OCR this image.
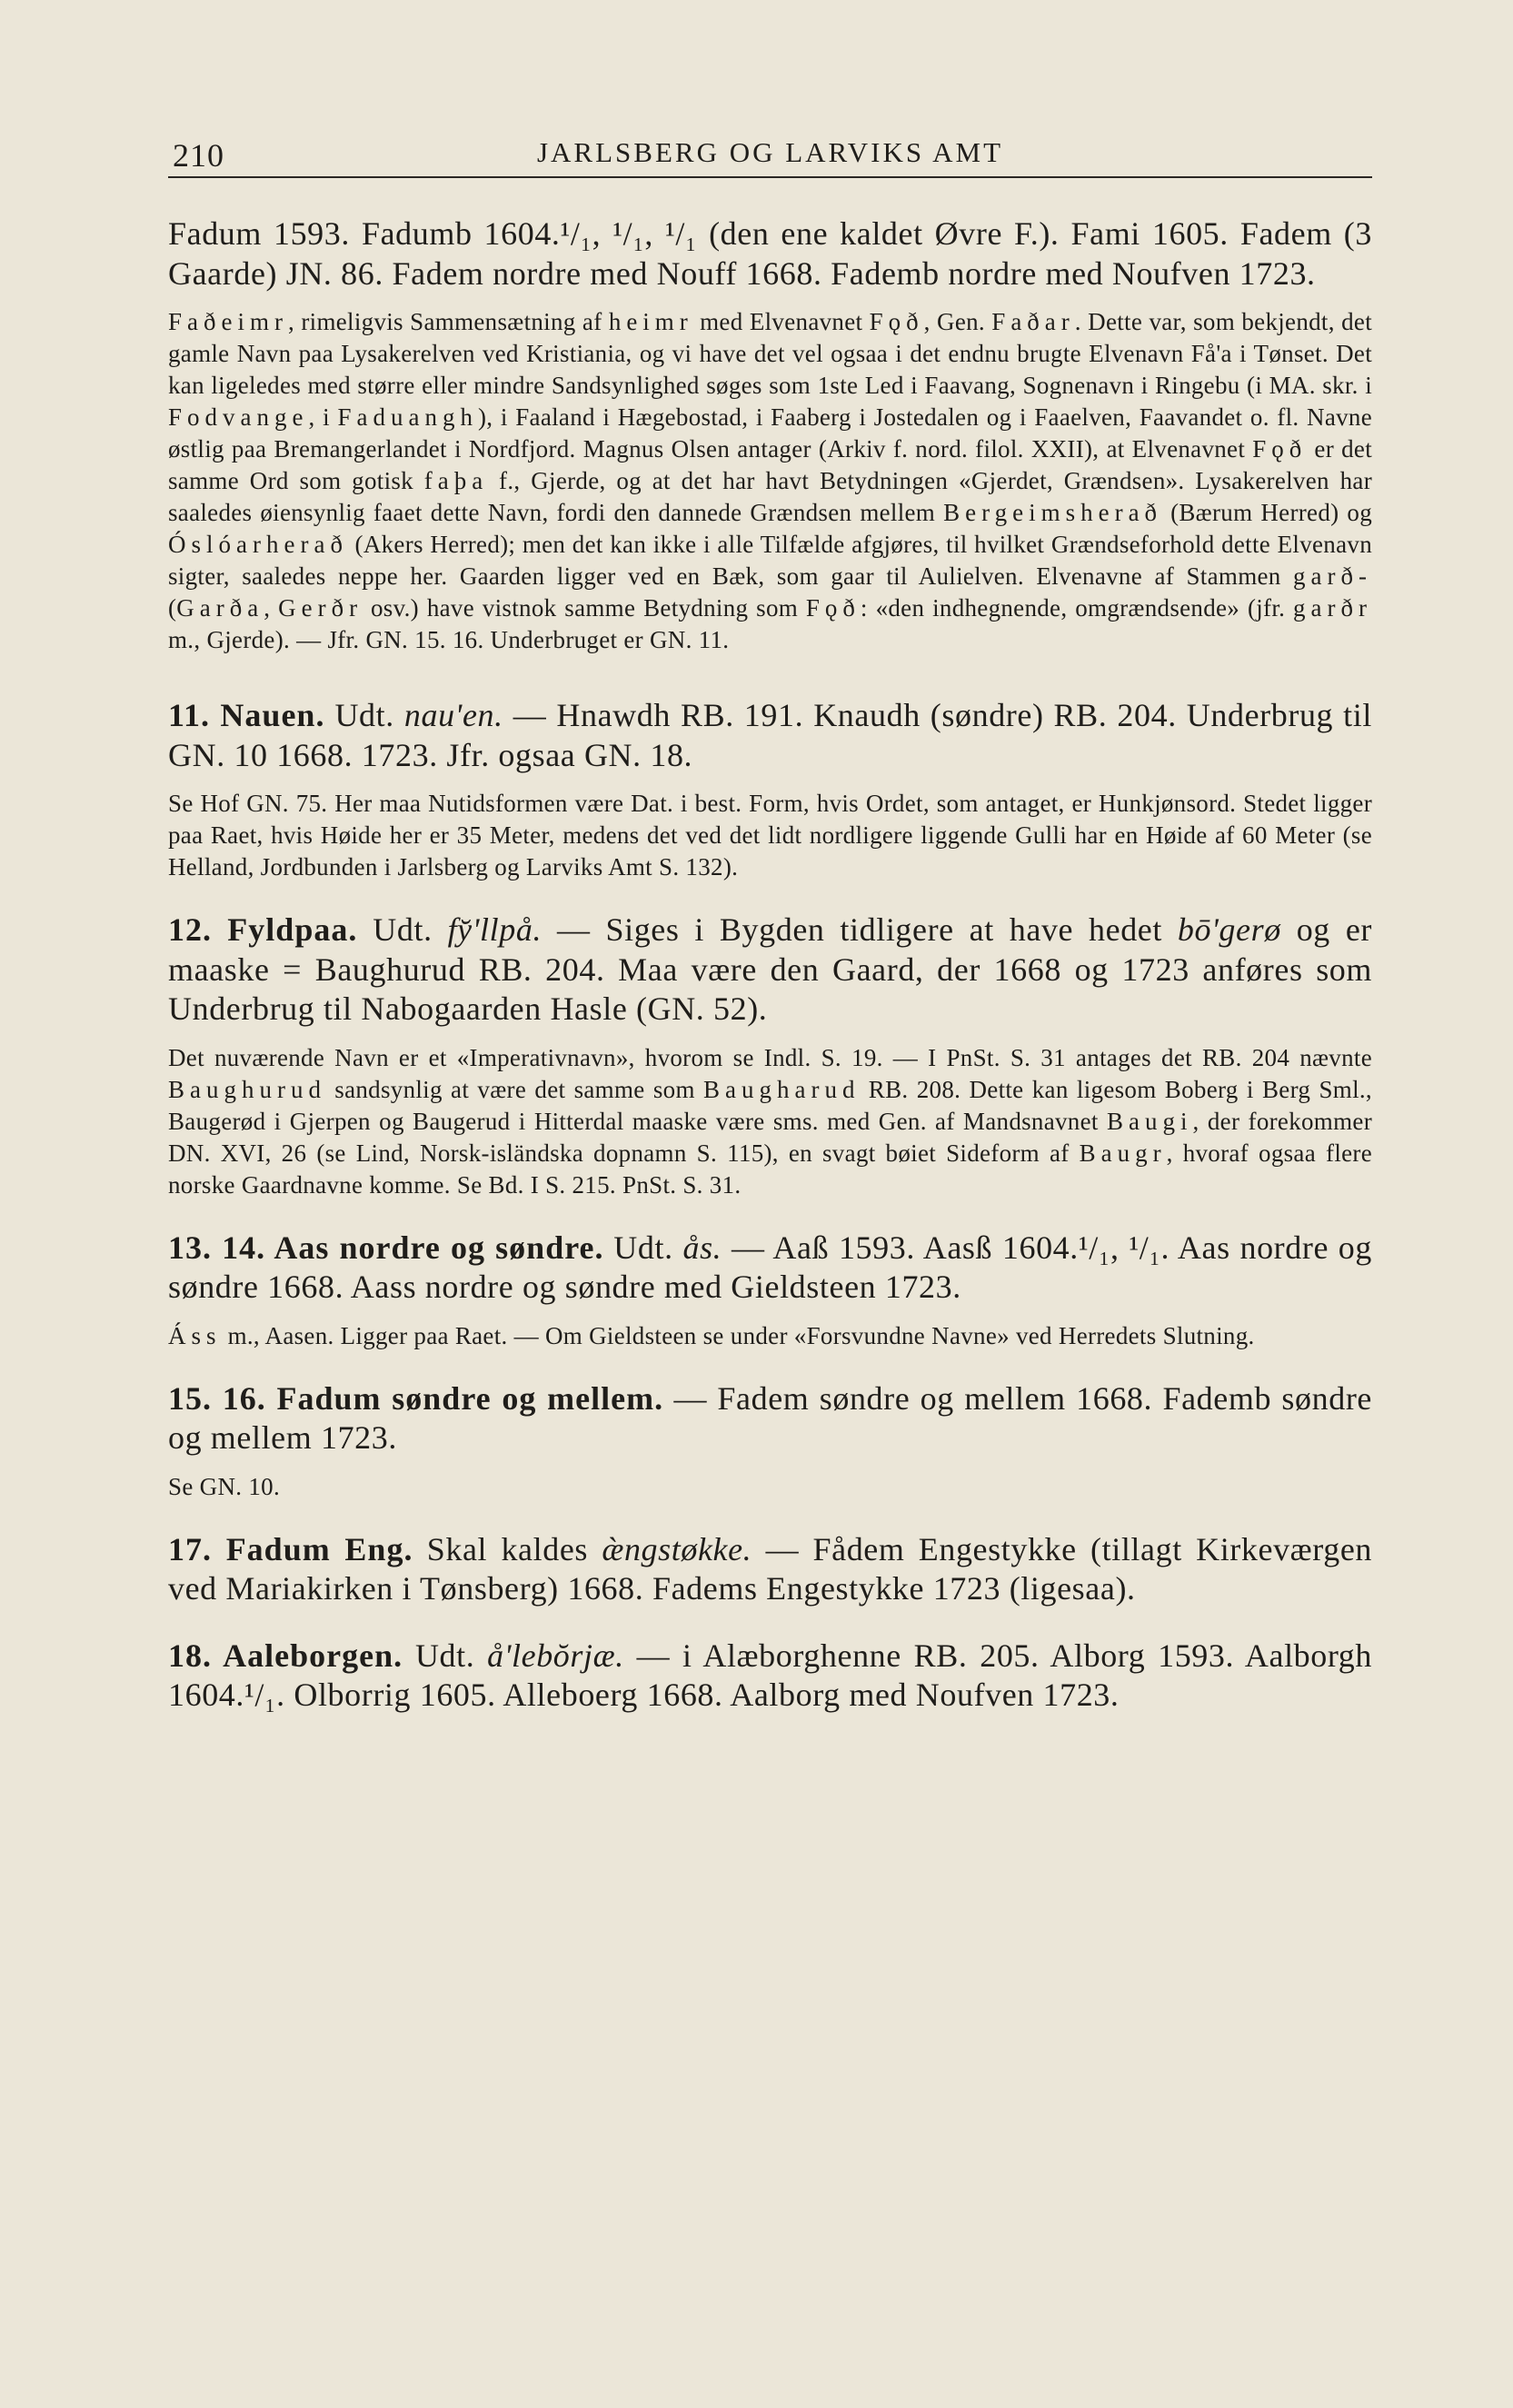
210	JARLSBERG OG LARVIKS AMT

Fadum 1593. Fadumb 1604.¹/₁, ¹/₁, ¹/₁ (den ene kaldet Øvre F.). Fami 1605. Fadem (3 Gaarde) JN. 86. Fadem nordre med Nouff 1668. Fademb nordre med Noufven 1723.

Faðeimr, rimeligvis Sammensætning af heimr med Elvenavnet Fǫð, Gen. Faðar. Dette var, som bekjendt, det gamle Navn paa Lysakerelven ved Kristiania, og vi have det vel ogsaa i det endnu brugte Elvenavn Få'a i Tønset. Det kan ligeledes med større eller mindre Sandsynlighed søges som 1ste Led i Faavang, Sognenavn i Ringebu (i MA. skr. i Fodvange, i Faduangh), i Faaland i Hægebostad, i Faaberg i Jostedalen og i Faaelven, Faavandet o. fl. Navne østlig paa Bremangerlandet i Nordfjord. Magnus Olsen antager (Arkiv f. nord. filol. XXII), at Elvenavnet Fǫð er det samme Ord som gotisk faþa f., Gjerde, og at det har havt Betydningen «Gjerdet, Grændsen». Lysakerelven har saaledes øiensynlig faaet dette Navn, fordi den dannede Grændsen mellem Bergeimsherað (Bærum Herred) og Óslóarherað (Akers Herred); men det kan ikke i alle Tilfælde afgjøres, til hvilket Grændseforhold dette Elvenavn sigter, saaledes neppe her. Gaarden ligger ved en Bæk, som gaar til Aulielven. Elvenavne af Stammen garð- (Garða, Gerðr osv.) have vistnok samme Betydning som Fǫð: «den indhegnende, omgrændsende» (jfr. garðr m., Gjerde). — Jfr. GN. 15. 16. Underbruget er GN. 11.

11. Nauen. Udt. nau'en. — Hnawdh RB. 191. Knaudh (søndre) RB. 204. Underbrug til GN. 10 1668. 1723. Jfr. ogsaa GN. 18.

Se Hof GN. 75. Her maa Nutidsformen være Dat. i best. Form, hvis Ordet, som antaget, er Hunkjønsord. Stedet ligger paa Raet, hvis Høide her er 35 Meter, medens det ved det lidt nordligere liggende Gulli har en Høide af 60 Meter (se Helland, Jordbunden i Jarlsberg og Larviks Amt S. 132).

12. Fyldpaa. Udt. fy̆'llpå. — Siges i Bygden tidligere at have hedet bō'gerø og er maaske = Baughurud RB. 204. Maa være den Gaard, der 1668 og 1723 anføres som Underbrug til Nabogaarden Hasle (GN. 52).

Det nuværende Navn er et «Imperativnavn», hvorom se Indl. S. 19. — I PnSt. S. 31 antages det RB. 204 nævnte Baughurud sandsynlig at være det samme som Baugharud RB. 208. Dette kan ligesom Boberg i Berg Sml., Baugerød i Gjerpen og Baugerud i Hitterdal maaske være sms. med Gen. af Mandsnavnet Baugi, der forekommer DN. XVI, 26 (se Lind, Norsk-isländska dopnamn S. 115), en svagt bøiet Sideform af Baugr, hvoraf ogsaa flere norske Gaardnavne komme. Se Bd. I S. 215. PnSt. S. 31.

13. 14. Aas nordre og søndre. Udt. ås. — Aaß 1593. Aasß 1604.¹/₁, ¹/₁. Aas nordre og søndre 1668. Aass nordre og søndre med Gieldsteen 1723.

Áss m., Aasen. Ligger paa Raet. — Om Gieldsteen se under «Forsvundne Navne» ved Herredets Slutning.

15. 16. Fadum søndre og mellem. — Fadem søndre og mellem 1668. Fademb søndre og mellem 1723.

Se GN. 10.

17. Fadum Eng. Skal kaldes æ̀ngstøkke. — Fådem Engestykke (tillagt Kirkeværgen ved Mariakirken i Tønsberg) 1668. Fadems Engestykke 1723 (ligesaa).

18. Aaleborgen. Udt. å'lebŏrjæ. — i Alæborghenne RB. 205. Alborg 1593. Aalborgh 1604.¹/₁. Olborrig 1605. Alleboerg 1668. Aalborg med Noufven 1723.
